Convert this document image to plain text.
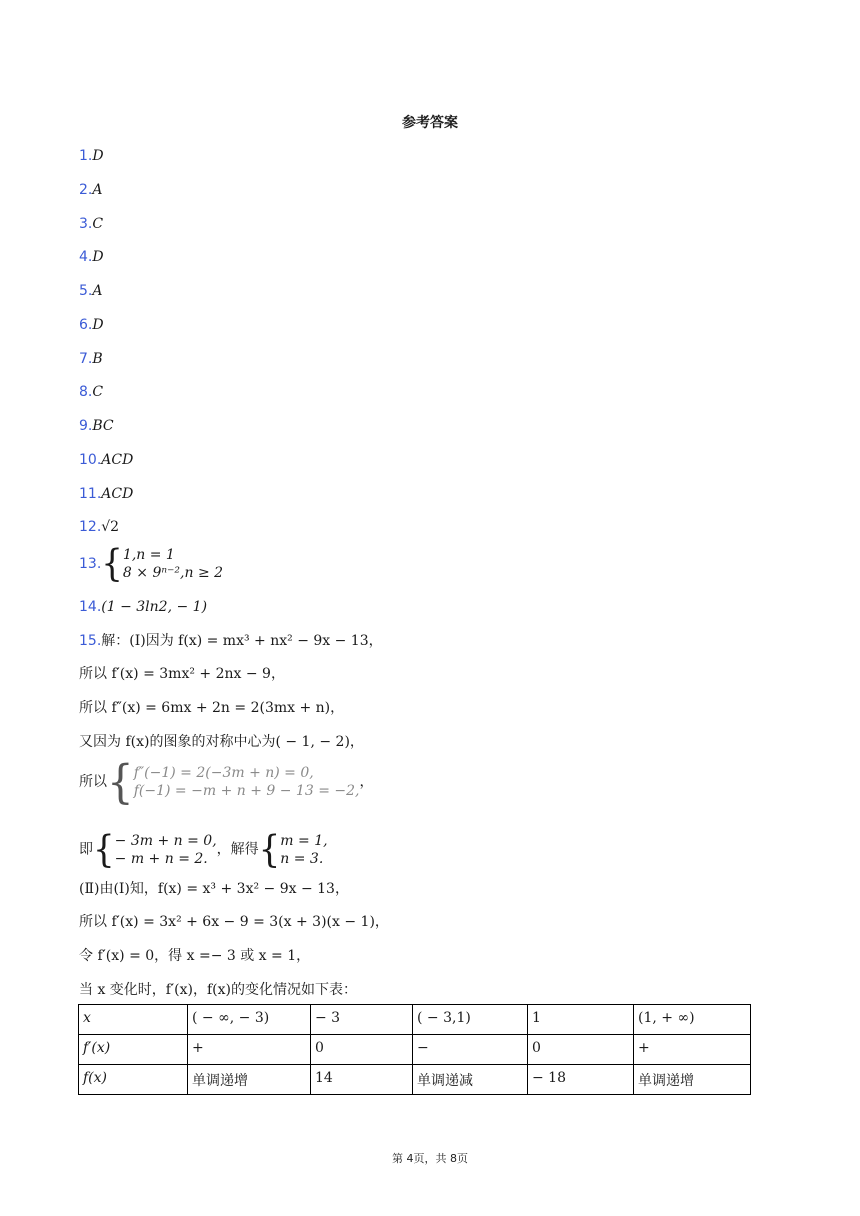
参考答案
1.D
2.A
3.C
4.D
5.A
6.D
7.B
8.C
9.BC
10.ACD
11.ACD
12.√2
13.{ 1,n = 1
8 × 9ⁿ⁻²,n ≥ 2
14.(1 − 3ln2, − 1)
15.解：(Ⅰ)因为 f(x) = mx³ + nx² − 9x − 13，
所以 f′(x) = 3mx² + 2nx − 9，
所以 f″(x) = 6mx + 2n = 2(3mx + n)，
又因为 f(x)的图象的对称中心为( − 1, − 2)，
所以{ f″(−1) = 2(−3m + n) = 0,
f(−1) = −m + n + 9 − 13 = −2,
，
即{ − 3m + n = 0,
− m + n = 2.
，解得{ m = 1,
n = 3.
(Ⅱ)由(Ⅰ)知，f(x) = x³ + 3x² − 9x − 13，
所以 f′(x) = 3x² + 6x − 9 = 3(x + 3)(x − 1)，
令 f′(x) = 0，得 x =− 3 或 x = 1，
当 x 变化时，f′(x)，f(x)的变化情况如下表：
x	( − ∞, − 3)	− 3	( − 3,1)	1	(1, + ∞)
f′(x)	+	0	−	0	+
f(x)	单调递增	14	单调递减	− 18	单调递增
第 4页，共 8页
